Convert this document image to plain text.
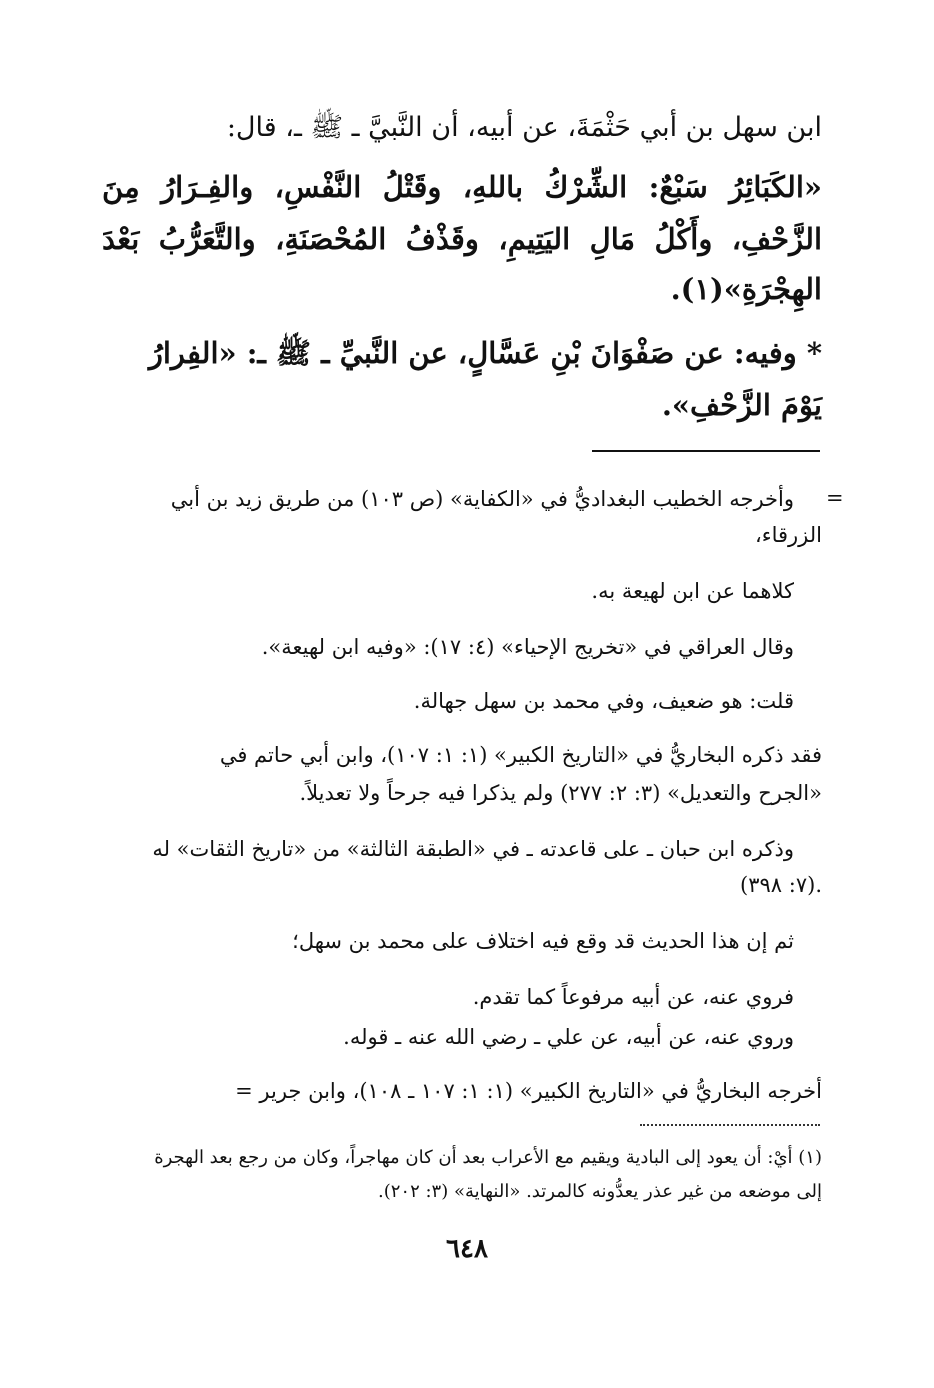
ابن سهل بن أبي حَثْمَةَ، عن أبيه، أن النَّبيَّ ـ ﷺ ـ، قال:
«الكَبَائِرُ سَبْعٌ: الشِّرْكُ باللهِ، وقَتْلُ النَّفْسِ، والفِـرَارُ مِنَ
الزَّحْفِ، وأَكْلُ مَالِ اليَتِيمِ، وقَذْفُ المُحْصَنَةِ، والتَّعَرُّبُ بَعْدَ
الهِجْرَةِ»(١).
* وفيه: عن صَفْوَانَ بْنِ عَسَّالٍ، عن النَّبيِّ ـ ﷺ ـ: «الفِرارُ
يَوْمَ الزَّحْفِ».
=
وأخرجه الخطيب البغداديُّ في «الكفاية» (ص ١٠٣) من طريق زيد بن أبي
الزرقاء،
كلاهما عن ابن لهيعة به.
وقال العراقي في «تخريج الإحياء» (٤: ١٧): «وفيه ابن لهيعة».
قلت: هو ضعيف، وفي محمد بن سهل جهالة.
فقد ذكره البخاريُّ في «التاريخ الكبير» (١: ١: ١٠٧)، وابن أبي حاتم في
«الجرح والتعديل» (٣: ٢: ٢٧٧) ولم يذكرا فيه جرحاً ولا تعديلاً.
وذكره ابن حبان ـ على قاعدته ـ في «الطبقة الثالثة» من «تاريخ الثقات» له
(٧: ٣٩٨).
ثم إن هذا الحديث قد وقع فيه اختلاف على محمد بن سهل؛
فروي عنه، عن أبيه مرفوعاً كما تقدم.
وروي عنه، عن أبيه، عن علي ـ رضي الله عنه ـ قوله.
أخرجه البخاريُّ في «التاريخ الكبير» (١: ١: ١٠٧ ـ ١٠٨)، وابن جرير =
(١) أيْ: أن يعود إلى البادية ويقيم مع الأعراب بعد أن كان مهاجراً، وكان من رجع بعد الهجرة
إلى موضعه من غير عذر يعدُّونه كالمرتد. «النهاية» (٣: ٢٠٢).
٦٤٨
